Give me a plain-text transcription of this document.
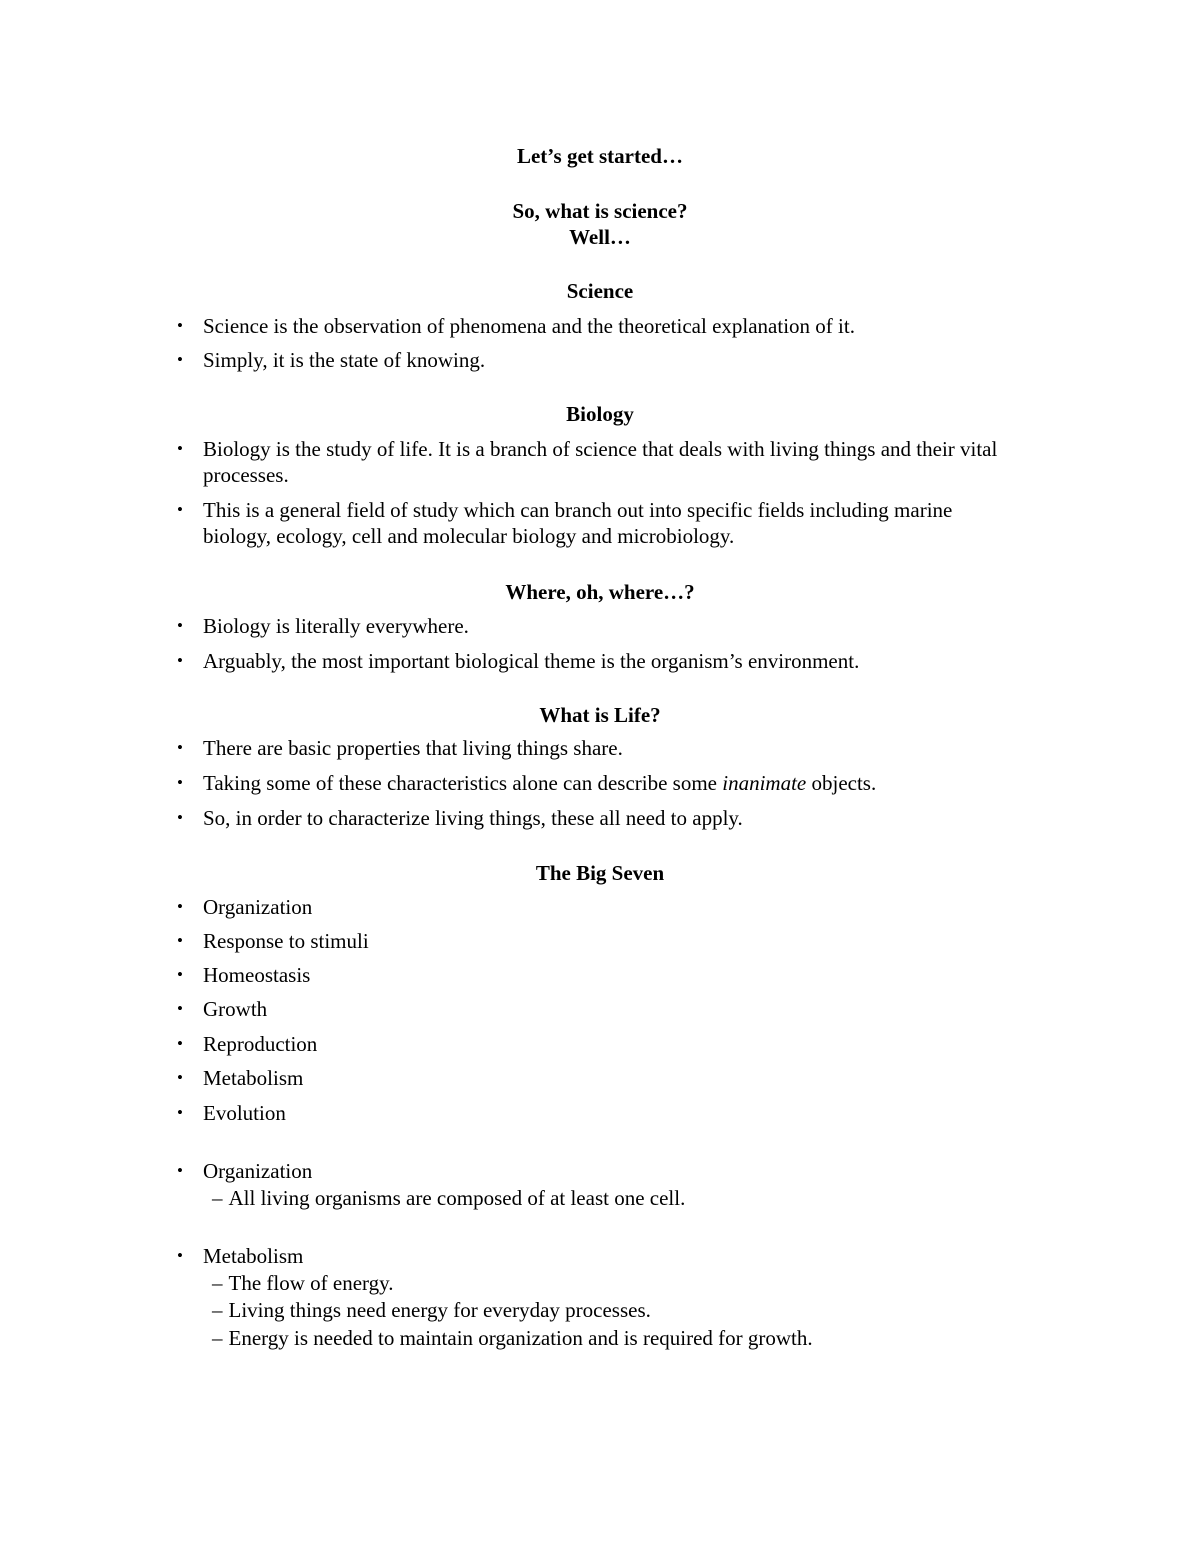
Let’s get started…
So, what is science?
Well…
Science
• Science is the observation of phenomena and the theoretical explanation of it.
• Simply, it is the state of knowing.
Biology
• Biology is the study of life. It is a branch of science that deals with living things and their vital processes.
• This is a general field of study which can branch out into specific fields including marine biology, ecology, cell and molecular biology and microbiology.
Where, oh, where…?
• Biology is literally everywhere.
• Arguably, the most important biological theme is the organism’s environment.
What is Life?
• There are basic properties that living things share.
• Taking some of these characteristics alone can describe some inanimate objects.
• So, in order to characterize living things, these all need to apply.
The Big Seven
• Organization
• Response to stimuli
• Homeostasis
• Growth
• Reproduction
• Metabolism
• Evolution
• Organization
– All living organisms are composed of at least one cell.
• Metabolism
– The flow of energy.
– Living things need energy for everyday processes.
– Energy is needed to maintain organization and is required for growth.
